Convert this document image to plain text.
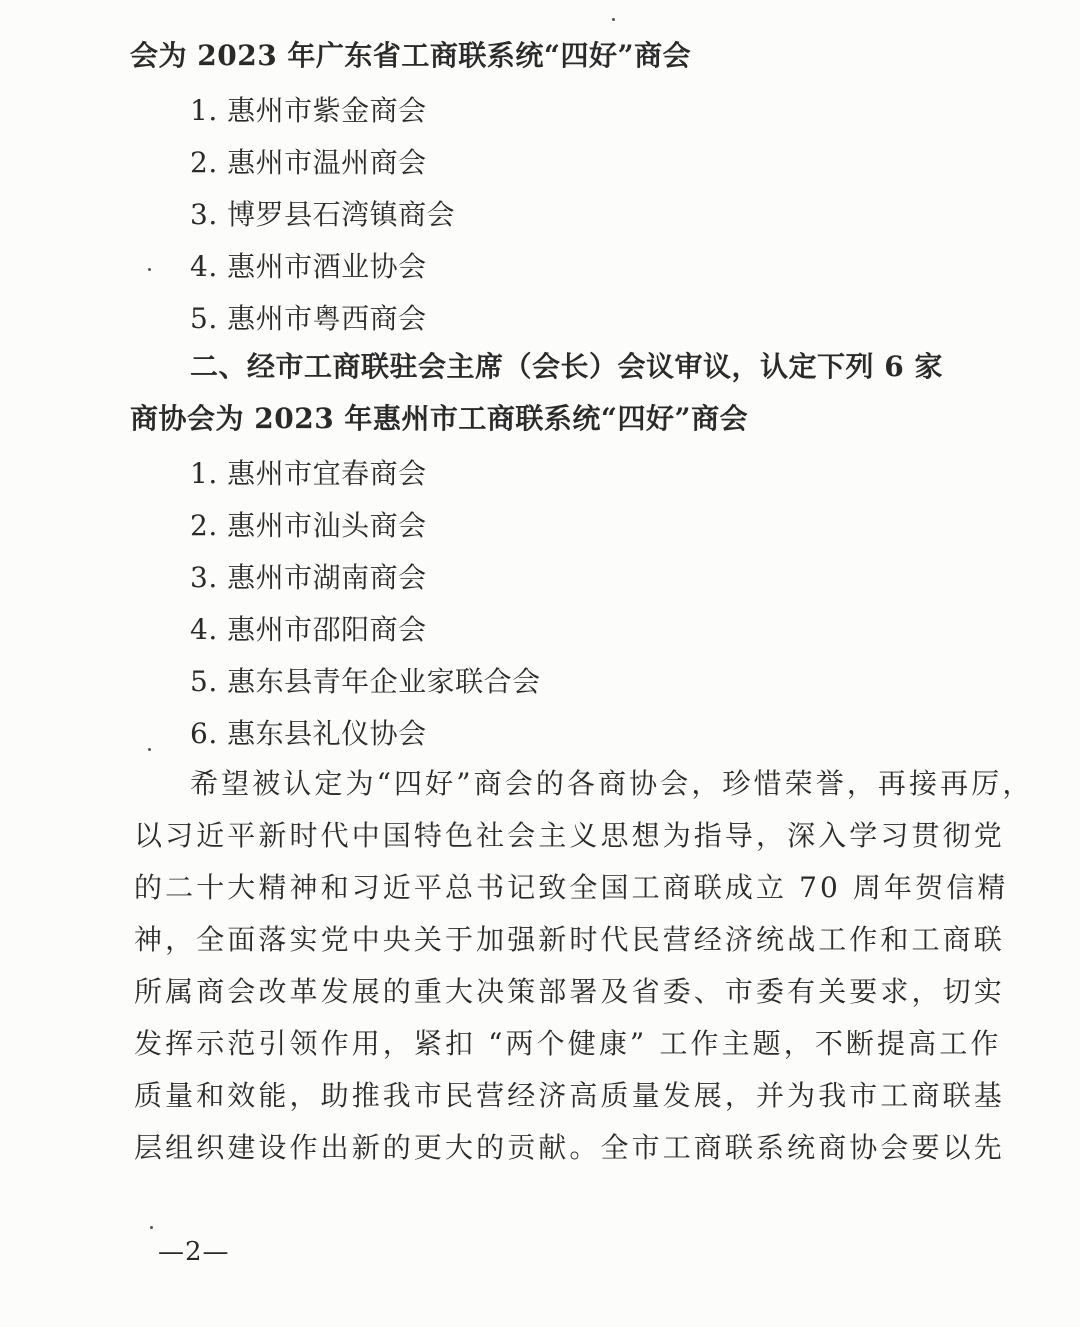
会为 2023 年广东省工商联系统“四好”商会
1. 惠州市紫金商会
2. 惠州市温州商会
3. 博罗县石湾镇商会
4. 惠州市酒业协会
5. 惠州市粤西商会
二、经市工商联驻会主席（会长）会议审议，认定下列 6 家
商协会为 2023 年惠州市工商联系统“四好”商会
1. 惠州市宜春商会
2. 惠州市汕头商会
3. 惠州市湖南商会
4. 惠州市邵阳商会
5. 惠东县青年企业家联合会
6. 惠东县礼仪协会
希望被认定为“四好”商会的各商协会，珍惜荣誉，再接再厉，
以习近平新时代中国特色社会主义思想为指导，深入学习贯彻党
的二十大精神和习近平总书记致全国工商联成立 70 周年贺信精
神，全面落实党中央关于加强新时代民营经济统战工作和工商联
所属商会改革发展的重大决策部署及省委、市委有关要求，切实
发挥示范引领作用，紧扣 “两个健康” 工作主题，不断提高工作
质量和效能，助推我市民营经济高质量发展，并为我市工商联基
层组织建设作出新的更大的贡献。全市工商联系统商协会要以先
—2—
